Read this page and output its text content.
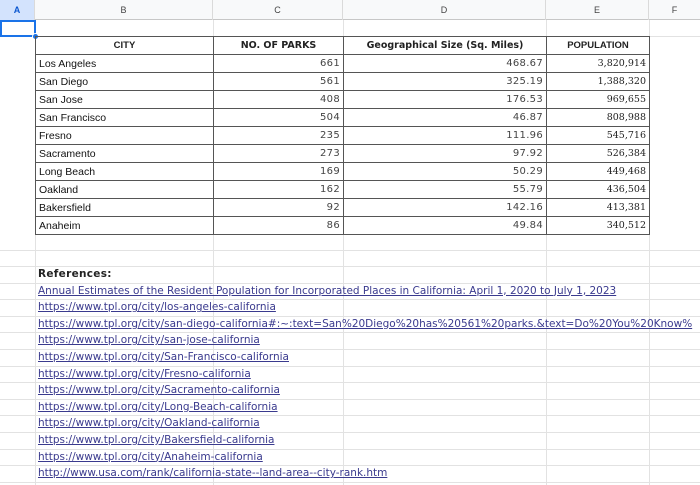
A	B	C	D	E	F
CITY	NO. OF PARKS	Geographical Size (Sq. Miles)	POPULATION
Los Angeles	661	468.67	3,820,914
San Diego	561	325.19	1,388,320
San Jose	408	176.53	969,655
San Francisco	504	46.87	808,988
Fresno	235	111.96	545,716
Sacramento	273	97.92	526,384
Long Beach	169	50.29	449,468
Oakland	162	55.79	436,504
Bakersfield	92	142.16	413,381
Anaheim	86	49.84	340,512
References:
Annual Estimates of the Resident Population for Incorporated Places in California: April 1, 2020 to July 1, 2023
https://www.tpl.org/city/los-angeles-california
https://www.tpl.org/city/san-diego-california#:~:text=San%20Diego%20has%20561%20parks.&text=Do%20You%20Know%
https://www.tpl.org/city/san-jose-california
https://www.tpl.org/city/San-Francisco-california
https://www.tpl.org/city/Fresno-california
https://www.tpl.org/city/Sacramento-california
https://www.tpl.org/city/Long-Beach-california
https://www.tpl.org/city/Oakland-california
https://www.tpl.org/city/Bakersfield-california
https://www.tpl.org/city/Anaheim-california
http://www.usa.com/rank/california-state--land-area--city-rank.htm
